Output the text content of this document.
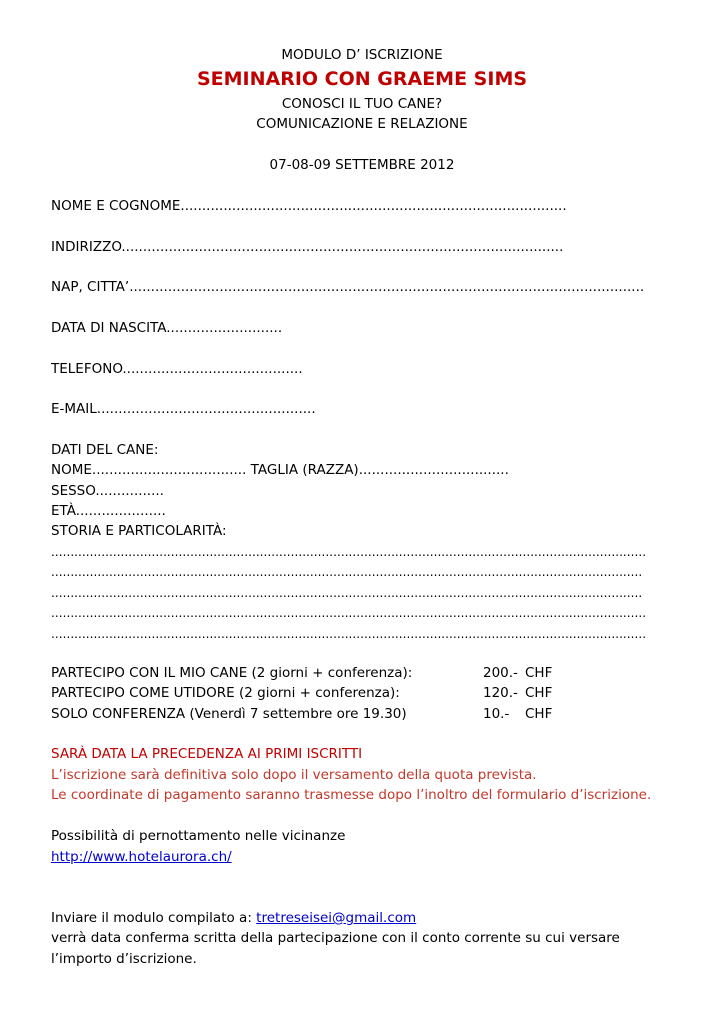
MODULO D’ ISCRIZIONE
SEMINARIO CON GRAEME SIMS
CONOSCI IL TUO CANE?
COMUNICAZIONE E RELAZIONE
07-08-09 SETTEMBRE 2012
NOME E COGNOME..........................................................................................
INDIRIZZO.......................................................................................................
NAP, CITTA’........................................................................................................................
DATA DI NASCITA...........................
TELEFONO..........................................
E-MAIL...................................................
DATI DEL CANE:
NOME.................................... TAGLIA (RAZZA)...................................
SESSO................
ETÀ.....................
STORIA E PARTICOLARITÀ:
..........................................................................................................................................................
.........................................................................................................................................................
.........................................................................................................................................................
..........................................................................................................................................................
..........................................................................................................................................................
PARTECIPO CON IL MIO CANE (2 giorni + conferenza):	200.- CHF
PARTECIPO COME UTIDORE (2 giorni + conferenza):	120.- CHF
SOLO CONFERENZA (Venerdì 7 settembre ore 19.30)	10.- CHF
SARÀ DATA LA PRECEDENZA AI PRIMI ISCRITTI
L’iscrizione sarà definitiva solo dopo il versamento della quota prevista.
Le coordinate di pagamento saranno trasmesse dopo l’inoltro del formulario d’iscrizione.
Possibilità di pernottamento nelle vicinanze
http://www.hotelaurora.ch/
Inviare il modulo compilato a: tretreseisei@gmail.com
verrà data conferma scritta della partecipazione con il conto corrente su cui versare
l’importo d’iscrizione.
